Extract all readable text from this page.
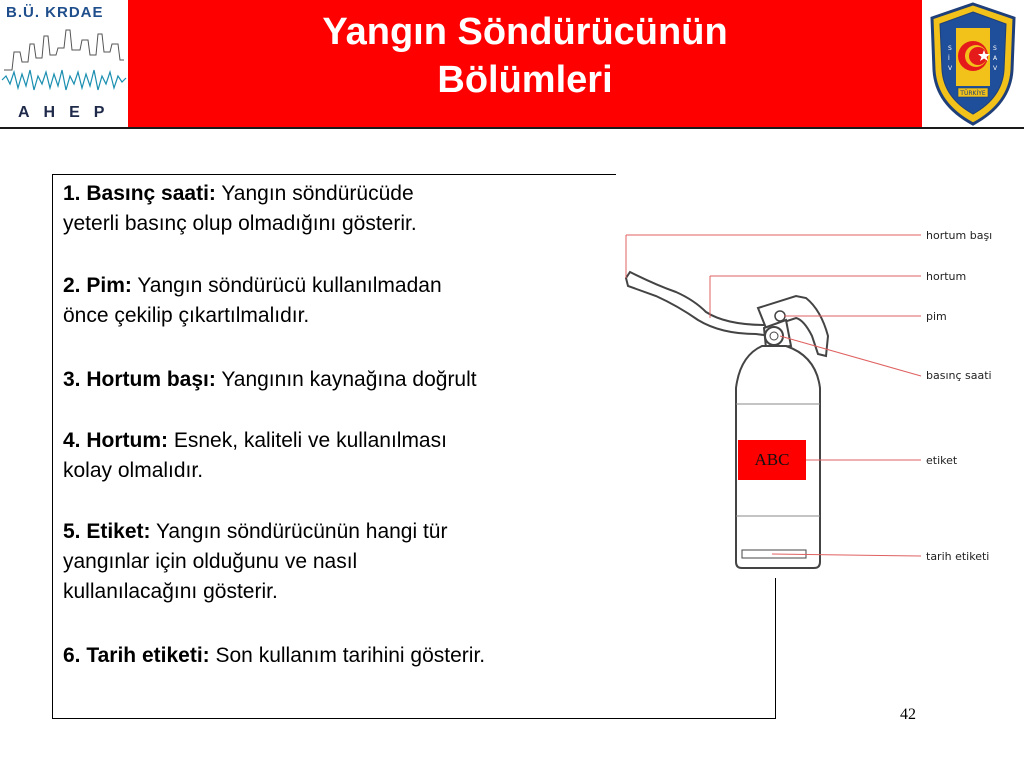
B.Ü. KRDAE
AHEP
Yangın Söndürücünün
Bölümleri
S
İ
V
S
A
V
TÜRKİYE
1. Basınç saati: Yangın söndürücüde
yeterli basınç olup olmadığını gösterir.
2. Pim: Yangın söndürücü kullanılmadan
önce çekilip çıkartılmalıdır.
3. Hortum başı: Yangının kaynağına doğrult
4. Hortum: Esnek, kaliteli ve kullanılması
kolay olmalıdır.
5. Etiket: Yangın söndürücünün hangi tür
yangınlar için olduğunu ve nasıl
kullanılacağını gösterir.
6. Tarih etiketi: Son kullanım tarihini gösterir.
hortum başı
hortum
pim
basınç saati
etiket
tarih etiketi
ABC
42
